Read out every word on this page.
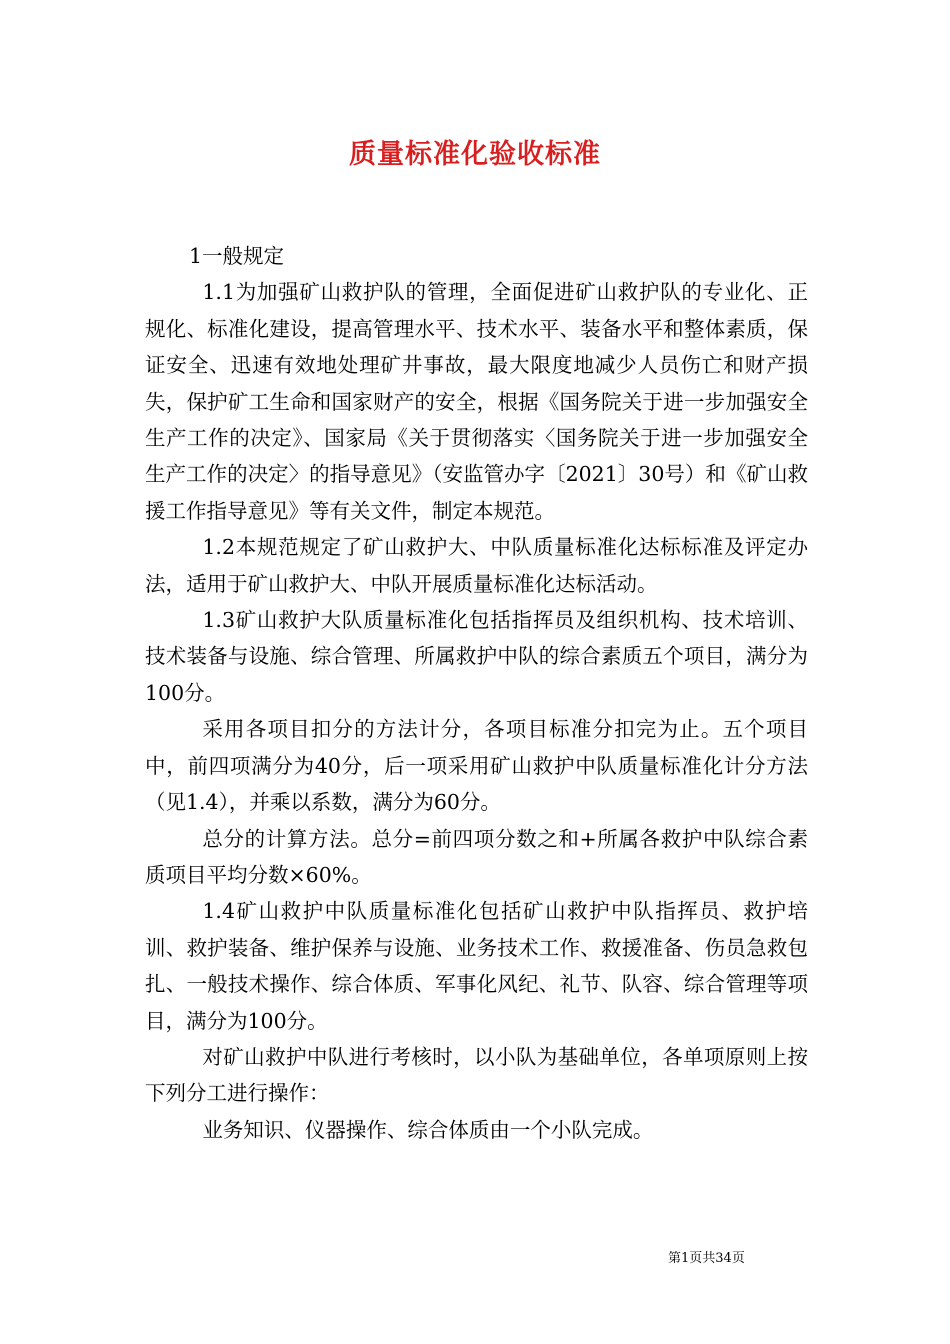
质量标准化验收标准

1一般规定

1.1为加强矿山救护队的管理，全面促进矿山救护队的专业化、正规化、标准化建设，提高管理水平、技术水平、装备水平和整体素质，保证安全、迅速有效地处理矿井事故，最大限度地减少人员伤亡和财产损失，保护矿工生命和国家财产的安全，根据《国务院关于进一步加强安全生产工作的决定》、国家局《关于贯彻落实〈国务院关于进一步加强安全生产工作的决定〉的指导意见》（安监管办字〔2021〕30号）和《矿山救援工作指导意见》等有关文件，制定本规范。

1.2本规范规定了矿山救护大、中队质量标准化达标标准及评定办法，适用于矿山救护大、中队开展质量标准化达标活动。

1.3矿山救护大队质量标准化包括指挥员及组织机构、技术培训、技术装备与设施、综合管理、所属救护中队的综合素质五个项目，满分为100分。

采用各项目扣分的方法计分，各项目标准分扣完为止。五个项目中，前四项满分为40分，后一项采用矿山救护中队质量标准化计分方法（见1.4），并乘以系数，满分为60分。

总分的计算方法。总分=前四项分数之和+所属各救护中队综合素质项目平均分数×60%。

1.4矿山救护中队质量标准化包括矿山救护中队指挥员、救护培训、救护装备、维护保养与设施、业务技术工作、救援准备、伤员急救包扎、一般技术操作、综合体质、军事化风纪、礼节、队容、综合管理等项目，满分为100分。

对矿山救护中队进行考核时，以小队为基础单位，各单项原则上按下列分工进行操作：

业务知识、仪器操作、综合体质由一个小队完成。

第1页共34页
